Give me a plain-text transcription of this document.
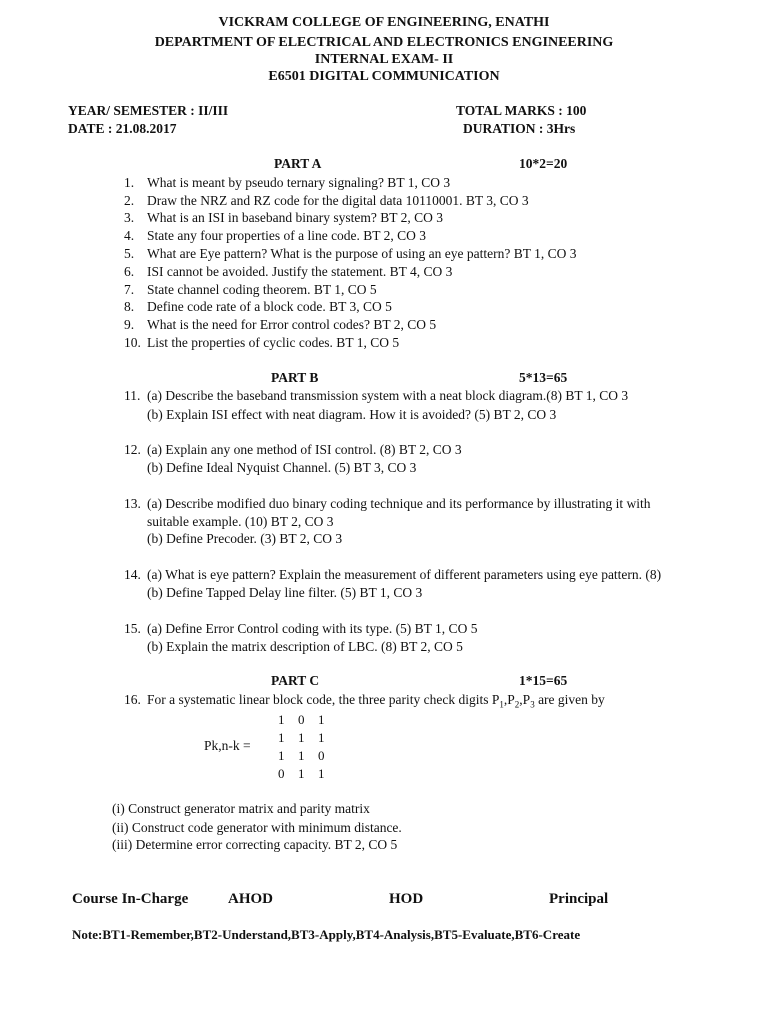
VICKRAM COLLEGE OF ENGINEERING, ENATHI
DEPARTMENT OF ELECTRICAL AND ELECTRONICS ENGINEERING
INTERNAL EXAM- II
E6501 DIGITAL COMMUNICATION
YEAR/ SEMESTER : II/III
DATE : 21.08.2017
TOTAL MARKS : 100
DURATION : 3Hrs
PART A	10*2=20
1. What is meant by pseudo ternary signaling? BT 1, CO 3
2. Draw the NRZ and RZ code for the digital data 10110001. BT 3, CO 3
3. What is an ISI in baseband binary system? BT 2, CO 3
4. State any four properties of a line code. BT 2, CO 3
5. What are Eye pattern? What is the purpose of using an eye pattern? BT 1, CO 3
6. ISI cannot be avoided. Justify the statement. BT 4, CO 3
7. State channel coding theorem. BT 1, CO 5
8. Define code rate of a block code. BT 3, CO 5
9. What is the need for Error control codes? BT 2, CO 5
10. List the properties of cyclic codes. BT 1, CO 5
PART B	5*13=65
11. (a) Describe the baseband transmission system with a neat block diagram.(8) BT 1, CO 3
(b) Explain ISI effect with neat diagram. How it is avoided? (5) BT 2, CO 3
12. (a) Explain any one method of ISI control. (8) BT 2, CO 3
(b) Define Ideal Nyquist Channel. (5) BT 3, CO 3
13. (a) Describe modified duo binary coding technique and its performance by illustrating it with
suitable example. (10) BT 2, CO 3
(b) Define Precoder. (3) BT 2, CO 3
14. (a) What is eye pattern? Explain the measurement of different parameters using eye pattern. (8)
(b) Define Tapped Delay line filter. (5) BT 1, CO 3
15. (a) Define Error Control coding with its type. (5) BT 1, CO 5
(b) Explain the matrix description of LBC. (8) BT 2, CO 5
PART C	1*15=65
16. For a systematic linear block code, the three parity check digits $P_1,P_2,P_3$ are given by
Pk,n-k =
1 0 1
1 1 1
1 1 0
0 1 1
(i) Construct generator matrix and parity matrix
(ii) Construct code generator with minimum distance.
(iii) Determine error correcting capacity. BT 2, CO 5
Course In-Charge	AHOD	HOD	Principal
Note:BT1-Remember,BT2-Understand,BT3-Apply,BT4-Analysis,BT5-Evaluate,BT6-Create
